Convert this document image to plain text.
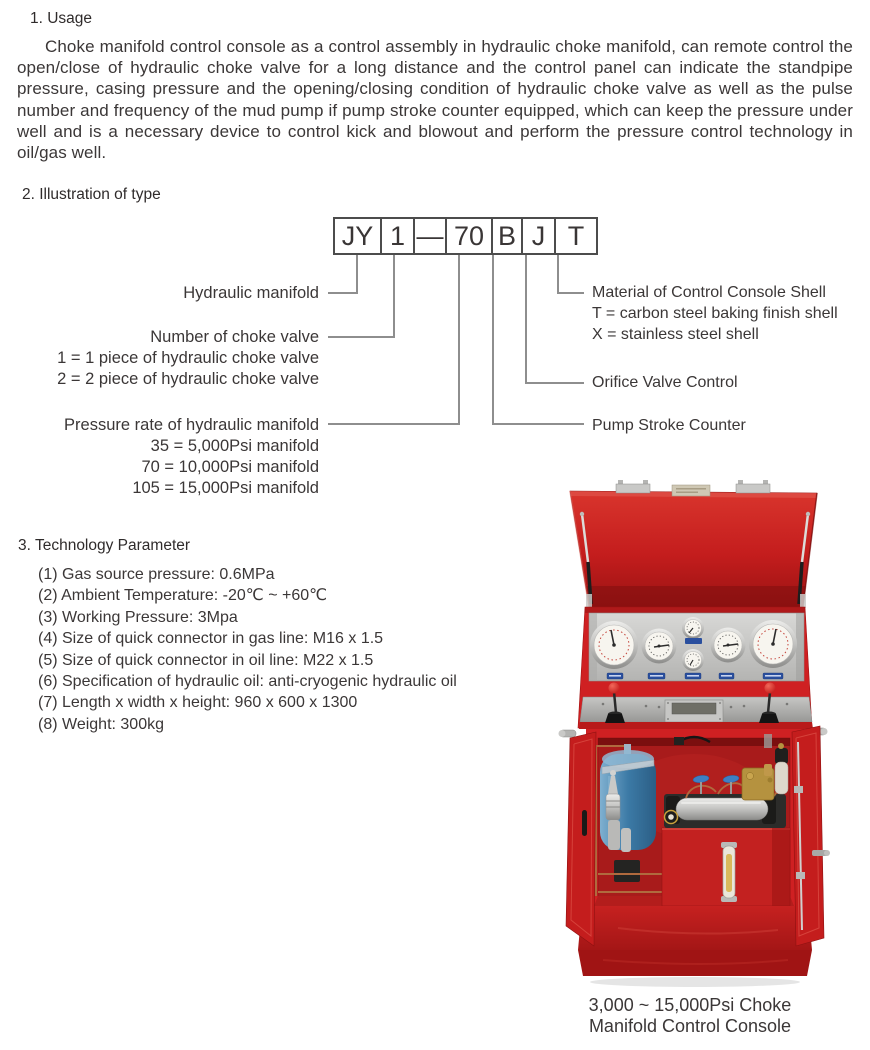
1. Usage
Choke manifold control console as a control assembly in hydraulic choke manifold, can remote control the open/close of hydraulic choke valve for a long distance and the control panel can indicate the standpipe pressure, casing pressure and the opening/closing condition of hydraulic choke valve as well as the pulse number and frequency of the mud pump if pump stroke counter equipped, which can keep the pressure under well and is a necessary device to control kick and blowout and perform the pressure control technology in oil/gas well.
2. Illustration of type
JY 1 — 70 B J T
Hydraulic manifold
Number of choke valve
1 = 1 piece of hydraulic choke valve
2 = 2 piece of hydraulic choke valve
Pressure rate of hydraulic manifold
35 = 5,000Psi manifold
70 = 10,000Psi manifold
105 = 15,000Psi manifold
Material of Control Console Shell
T = carbon steel baking finish shell
X = stainless steel shell
Orifice Valve Control
Pump Stroke Counter
3. Technology Parameter
(1) Gas source pressure: 0.6MPa
(2) Ambient Temperature: -20℃ ~ +60℃
(3) Working Pressure: 3Mpa
(4) Size of quick connector in gas line: M16 x 1.5
(5) Size of quick connector in oil line: M22 x 1.5
(6) Specification of hydraulic oil: anti-cryogenic hydraulic oil
(7) Length x width x height: 960 x 600 x 1300
(8) Weight: 300kg
3,000 ~ 15,000Psi Choke
Manifold Control Console
